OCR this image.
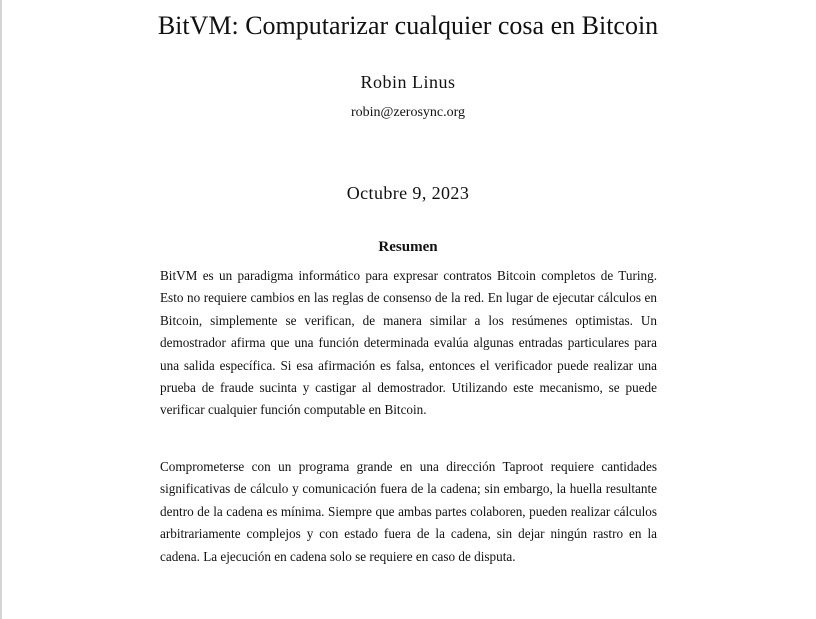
BitVM: Computarizar cualquier cosa en Bitcoin
Robin Linus
robin@zerosync.org
Octubre 9, 2023
Resumen

BitVM es un paradigma informático para expresar contratos Bitcoin completos de Turing. Esto no requiere cambios en las reglas de consenso de la red. En lugar de ejecutar cálculos en Bitcoin, simplemente se verifican, de manera similar a los resúmenes optimistas. Un demostrador afirma que una función determinada evalúa algunas entradas particulares para una salida específica. Si esa afirmación es falsa, entonces el verificador puede realizar una prueba de fraude sucinta y castigar al demostrador. Utilizando este mecanismo, se puede verificar cualquier función computable en Bitcoin.

Comprometerse con un programa grande en una dirección Taproot requiere cantidades significativas de cálculo y comunicación fuera de la cadena; sin embargo, la huella resultante dentro de la cadena es mínima. Siempre que ambas partes colaboren, pueden realizar cálculos arbitrariamente complejos y con estado fuera de la cadena, sin dejar ningún rastro en la cadena. La ejecución en cadena solo se requiere en caso de disputa.
